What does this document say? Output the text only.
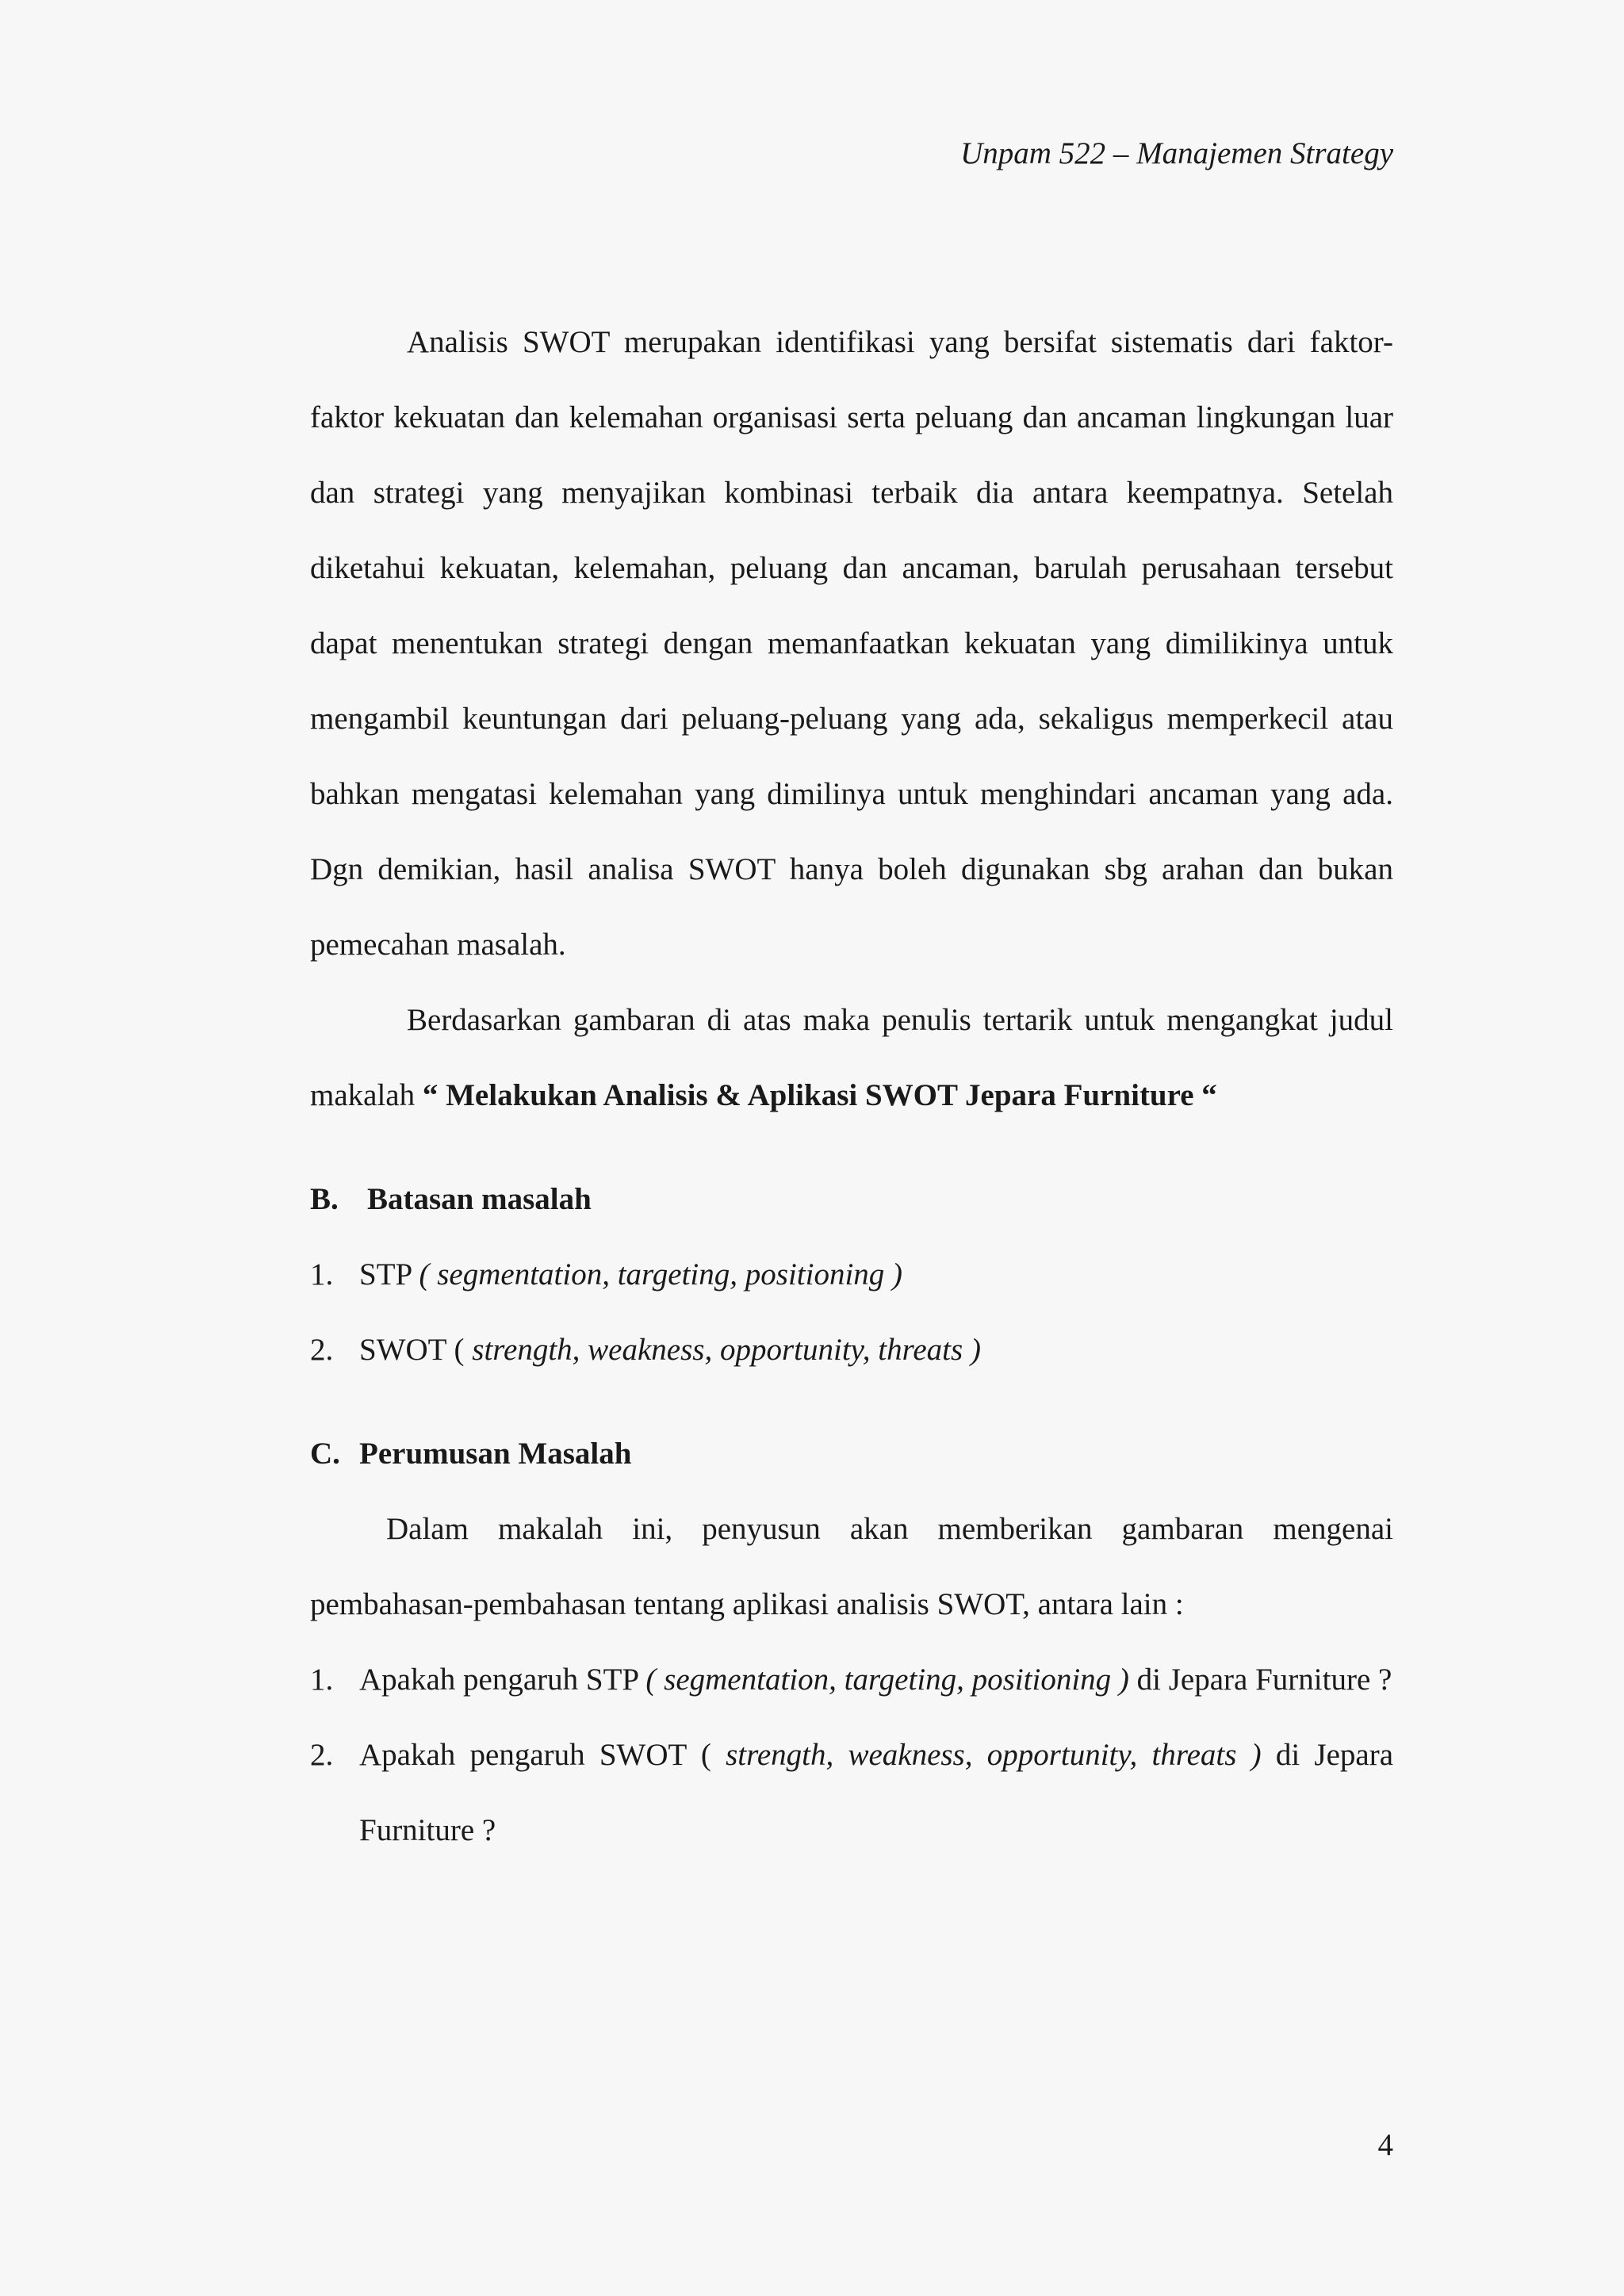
Unpam 522 – Manajemen Strategy

Analisis SWOT merupakan identifikasi yang bersifat sistematis dari faktor-faktor kekuatan dan kelemahan organisasi serta peluang dan ancaman lingkungan luar dan strategi yang menyajikan kombinasi terbaik dia antara keempatnya. Setelah diketahui kekuatan, kelemahan, peluang dan ancaman, barulah perusahaan tersebut dapat menentukan strategi dengan memanfaatkan kekuatan yang dimilikinya untuk mengambil keuntungan dari peluang-peluang yang ada, sekaligus memperkecil atau bahkan mengatasi kelemahan yang dimilinya untuk menghindari ancaman yang ada. Dgn demikian, hasil analisa SWOT hanya boleh digunakan sbg arahan dan bukan pemecahan masalah.

Berdasarkan gambaran di atas maka penulis tertarik untuk mengangkat judul makalah “ Melakukan Analisis & Aplikasi SWOT Jepara Furniture “

B. Batasan masalah

1. STP ( segmentation, targeting, positioning )
2. SWOT ( strength, weakness, opportunity, threats )

C. Perumusan Masalah

Dalam makalah ini, penyusun akan memberikan gambaran mengenai pembahasan-pembahasan tentang aplikasi analisis SWOT, antara lain :

1. Apakah pengaruh STP ( segmentation, targeting, positioning ) di Jepara Furniture ?
2. Apakah pengaruh SWOT ( strength, weakness, opportunity, threats ) di Jepara Furniture ?
4
